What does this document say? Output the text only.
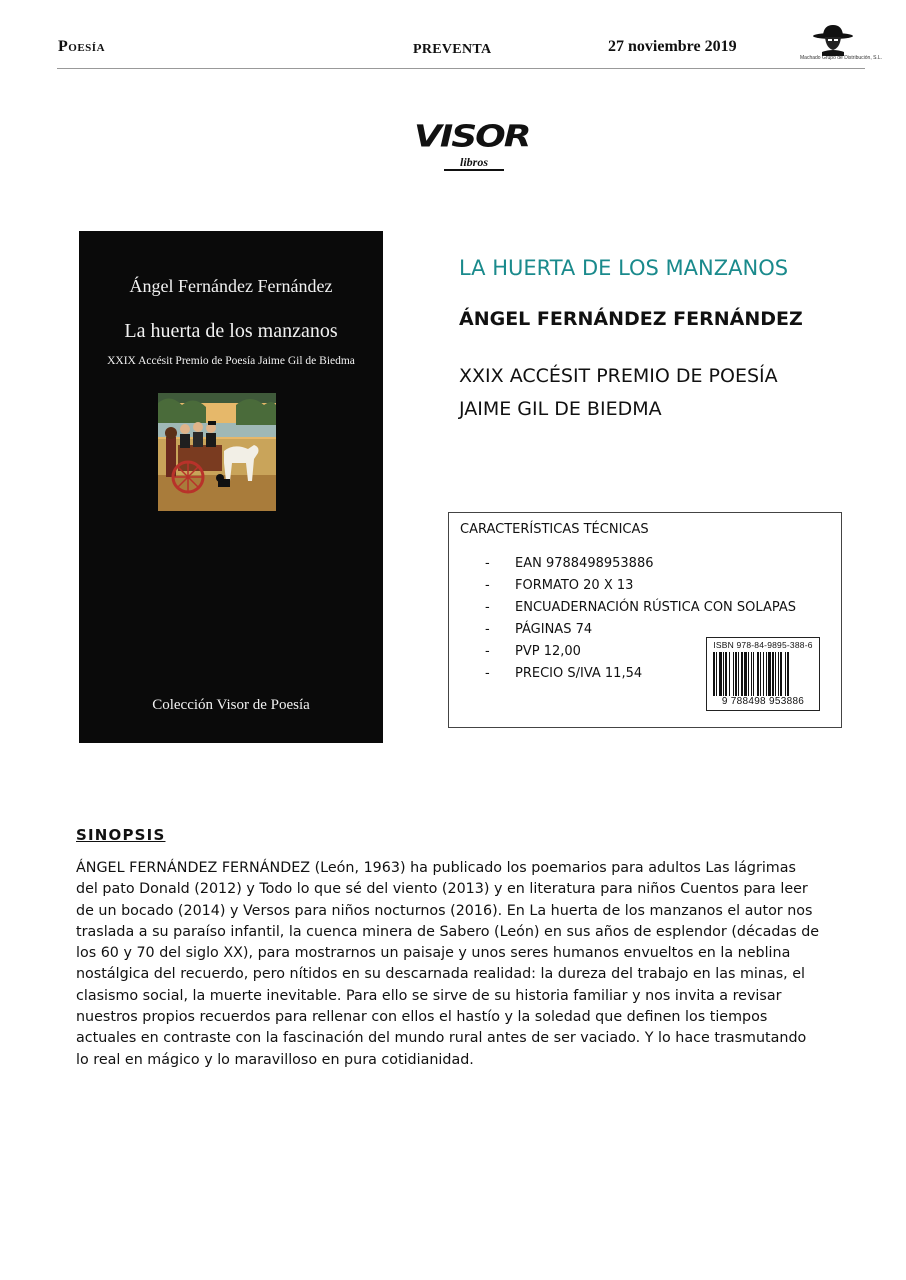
Poesía	PREVENTA	27 noviembre 2019
Machado Grupo de Distribución, S.L.
VISOR
libros
Ángel Fernández Fernández
La huerta de los manzanos
XXIX Accésit Premio de Poesía Jaime Gil de Biedma
Colección Visor de Poesía
LA HUERTA DE LOS MANZANOS
ÁNGEL FERNÁNDEZ FERNÁNDEZ
XXIX ACCÉSIT PREMIO DE POESÍA
JAIME GIL DE BIEDMA
CARACTERÍSTICAS TÉCNICAS
- EAN 9788498953886
- FORMATO 20 X 13
- ENCUADERNACIÓN RÚSTICA CON SOLAPAS
- PÁGINAS 74
- PVP 12,00
- PRECIO S/IVA 11,54
ISBN 978-84-9895-388-6
9 788498 953886
SINOPSIS

ÁNGEL FERNÁNDEZ FERNÁNDEZ (León, 1963) ha publicado los poemarios para adultos Las lágrimas del pato Donald (2012) y Todo lo que sé del viento (2013) y en literatura para niños Cuentos para leer de un bocado (2014) y Versos para niños nocturnos (2016). En La huerta de los manzanos el autor nos traslada a su paraíso infantil, la cuenca minera de Sabero (León) en sus años de esplendor (décadas de los 60 y 70 del siglo XX), para mostrarnos un paisaje y unos seres humanos envueltos en la neblina nostálgica del recuerdo, pero nítidos en su descarnada realidad: la dureza del trabajo en las minas, el clasismo social, la muerte inevitable. Para ello se sirve de su historia familiar y nos invita a revisar nuestros propios recuerdos para rellenar con ellos el hastío y la soledad que definen los tiempos actuales en contraste con la fascinación del mundo rural antes de ser vaciado. Y lo hace trasmutando lo real en mágico y lo maravilloso en pura cotidianidad.
